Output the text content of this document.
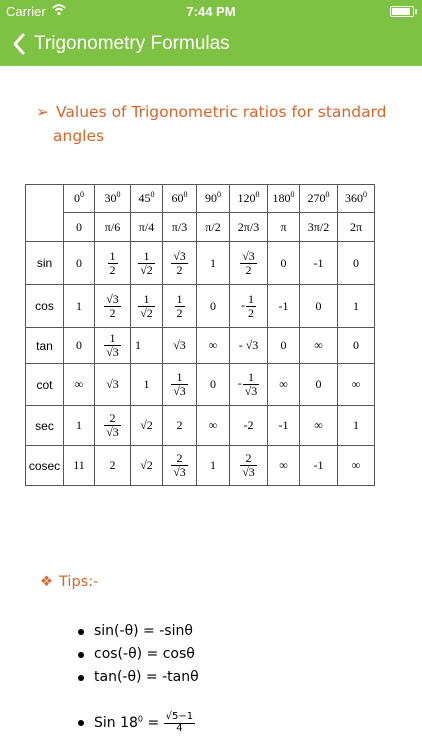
Carrier	7:44 PM
Trigonometry Formulas
➢ Values of Trigonometric ratios for standard
angles
	$0^0$	$30^0$	$45^0$	$60^0$	$90^0$	$120^0$	$180^0$	$270^0$	$360^0$
	0	π/6	π/4	π/3	π/2	2π/3	π	3π/2	2π
sin	0	$\frac{1}{2}$	$\frac{1}{√2}$	$\frac{√3}{2}$	1	$\frac{√3}{2}$	0	-1	0
cos	1	$\frac{√3}{2}$	$\frac{1}{√2}$	$\frac{1}{2}$	0	- $\frac{1}{2}$	-1	0	1
tan	0	$\frac{1}{√3}$	1	√3	∞	- √3	0	∞	0
cot	∞	√3	1	$\frac{1}{√3}$	0	- $\frac{1}{√3}$	∞	0	∞
sec	1	$\frac{2}{√3}$	√2	2	∞	-2	-1	∞	1
cosec	11	2	√2	$\frac{2}{√3}$	1	$\frac{2}{√3}$	∞	-1	∞
❖ Tips:-
sin(-θ) = -sinθ
cos(-θ) = cosθ
tan(-θ) = -tanθ
Sin $18^0 = \frac{√5-1}{4}$
